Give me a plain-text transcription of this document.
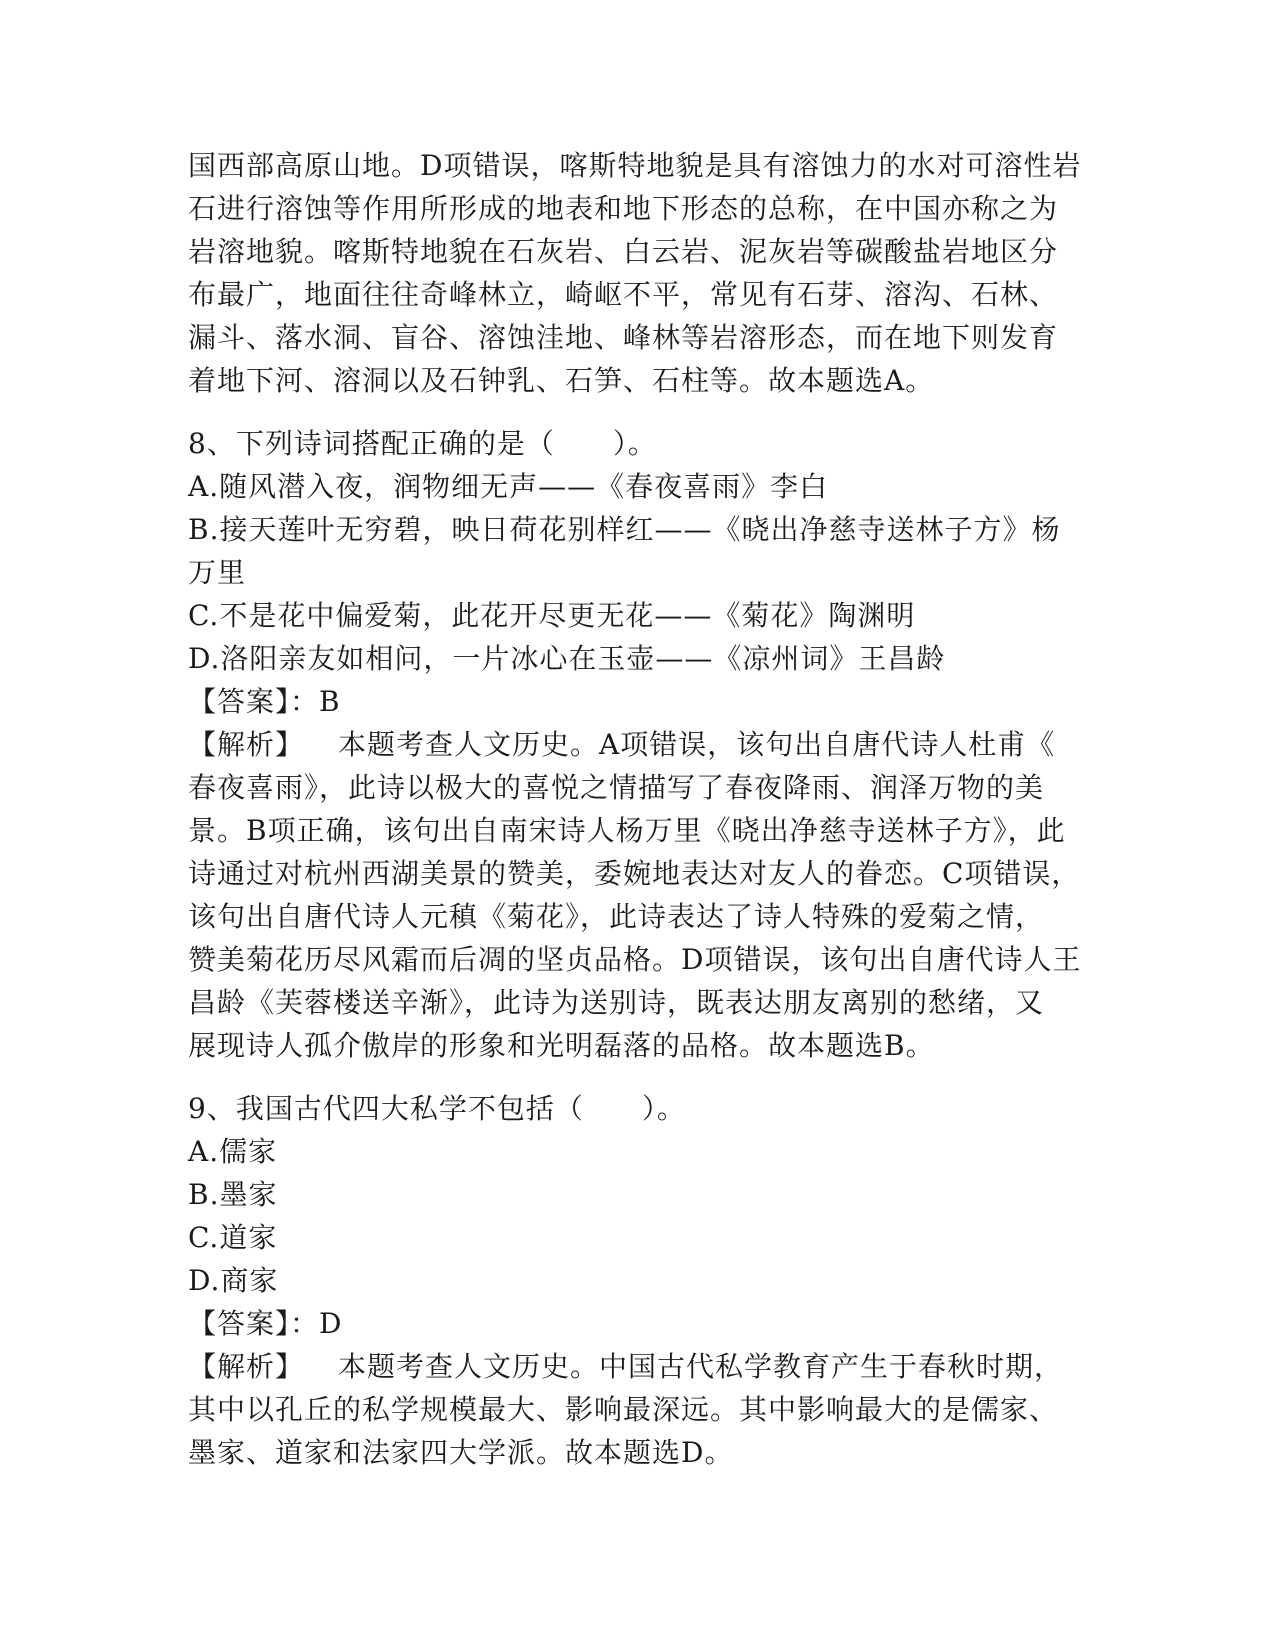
国西部高原山地。D项错误，喀斯特地貌是具有溶蚀力的水对可溶性岩
石进行溶蚀等作用所形成的地表和地下形态的总称，在中国亦称之为
岩溶地貌。喀斯特地貌在石灰岩、白云岩、泥灰岩等碳酸盐岩地区分
布最广，地面往往奇峰林立，崎岖不平，常见有石芽、溶沟、石林、
漏斗、落水洞、盲谷、溶蚀洼地、峰林等岩溶形态，而在地下则发育
着地下河、溶洞以及石钟乳、石笋、石柱等。故本题选A。
8、下列诗词搭配正确的是（　　）。
A.随风潜入夜，润物细无声——《春夜喜雨》李白
B.接天莲叶无穷碧，映日荷花别样红——《晓出净慈寺送林子方》杨
万里
C.不是花中偏爱菊，此花开尽更无花——《菊花》陶渊明
D.洛阳亲友如相问，一片冰心在玉壶——《凉州词》王昌龄
【答案】：B
【解析】 本题考查人文历史。A项错误，该句出自唐代诗人杜甫《
春夜喜雨》，此诗以极大的喜悦之情描写了春夜降雨、润泽万物的美
景。B项正确，该句出自南宋诗人杨万里《晓出净慈寺送林子方》，此
诗通过对杭州西湖美景的赞美，委婉地表达对友人的眷恋。C项错误，
该句出自唐代诗人元稹《菊花》，此诗表达了诗人特殊的爱菊之情，
赞美菊花历尽风霜而后凋的坚贞品格。D项错误，该句出自唐代诗人王
昌龄《芙蓉楼送辛渐》，此诗为送别诗，既表达朋友离别的愁绪，又
展现诗人孤介傲岸的形象和光明磊落的品格。故本题选B。
9、我国古代四大私学不包括（　　）。
A.儒家
B.墨家
C.道家
D.商家
【答案】：D
【解析】 本题考查人文历史。中国古代私学教育产生于春秋时期，
其中以孔丘的私学规模最大、影响最深远。其中影响最大的是儒家、
墨家、道家和法家四大学派。故本题选D。
